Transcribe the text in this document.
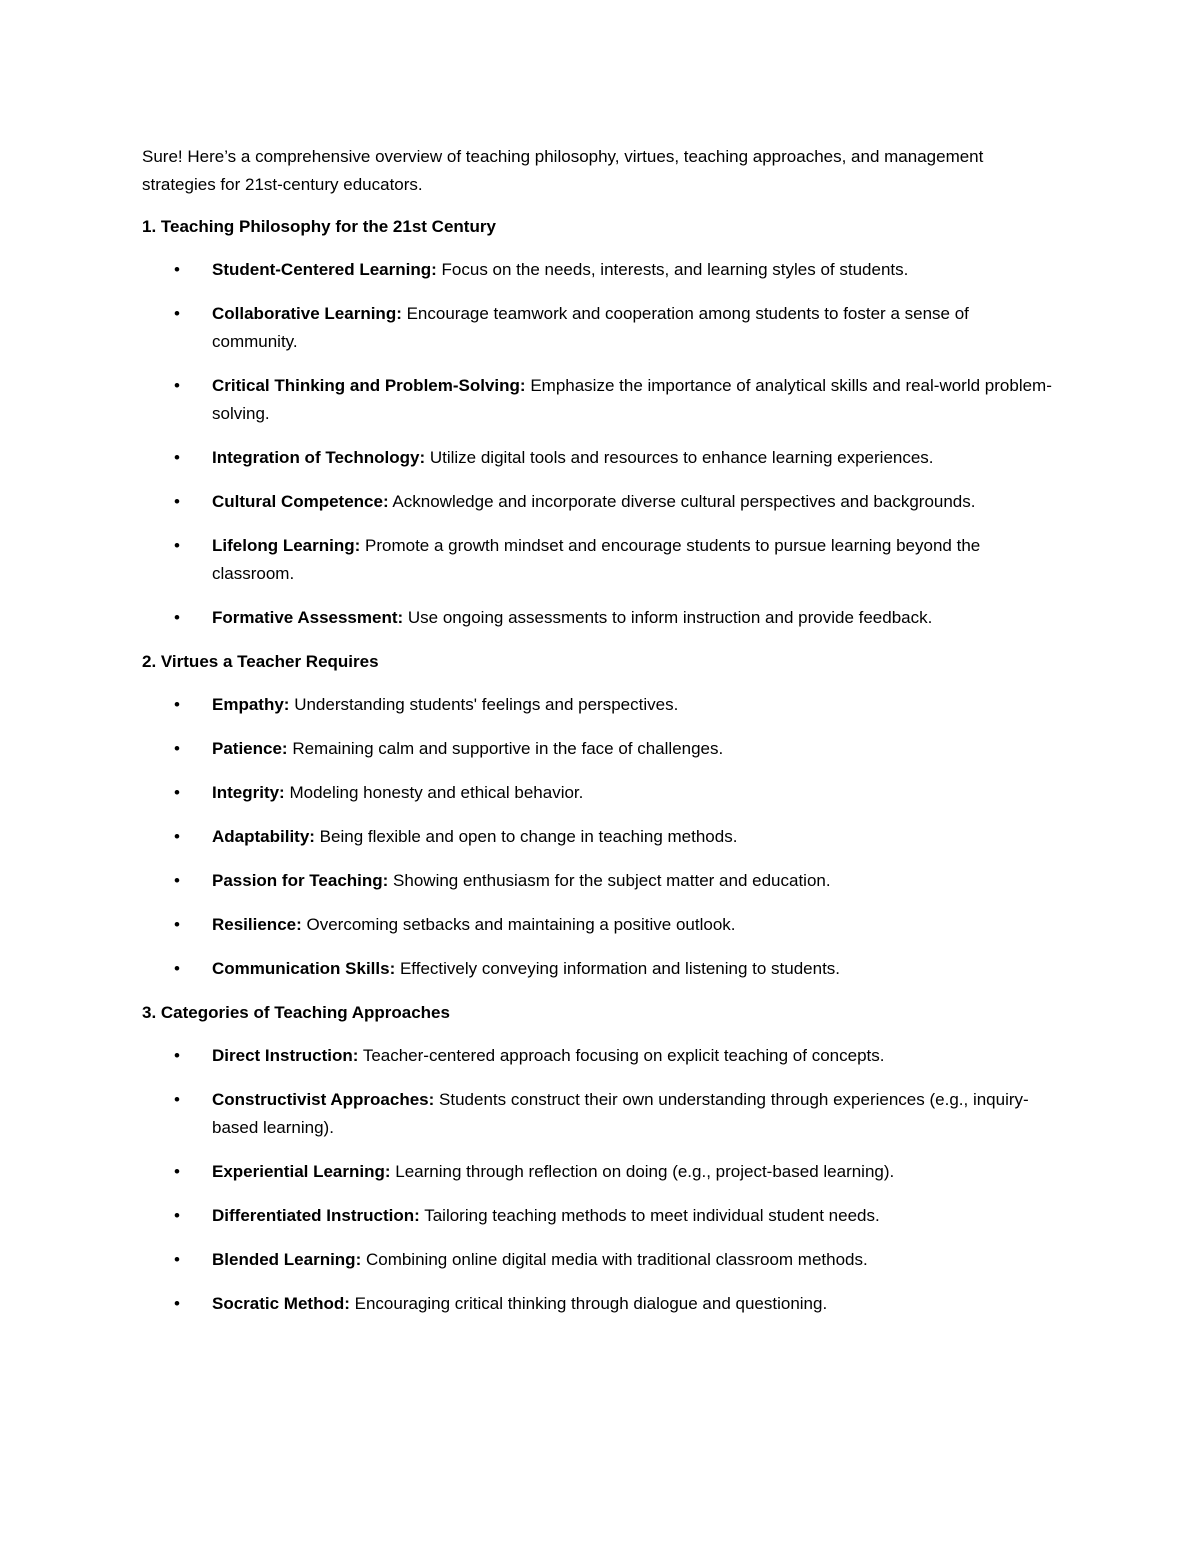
Sure! Here’s a comprehensive overview of teaching philosophy, virtues, teaching approaches, and management strategies for 21st-century educators.

1. Teaching Philosophy for the 21st Century

• Student-Centered Learning: Focus on the needs, interests, and learning styles of students.
• Collaborative Learning: Encourage teamwork and cooperation among students to foster a sense of community.
• Critical Thinking and Problem-Solving: Emphasize the importance of analytical skills and real-world problem-solving.
• Integration of Technology: Utilize digital tools and resources to enhance learning experiences.
• Cultural Competence: Acknowledge and incorporate diverse cultural perspectives and backgrounds.
• Lifelong Learning: Promote a growth mindset and encourage students to pursue learning beyond the classroom.
• Formative Assessment: Use ongoing assessments to inform instruction and provide feedback.

2. Virtues a Teacher Requires

• Empathy: Understanding students' feelings and perspectives.
• Patience: Remaining calm and supportive in the face of challenges.
• Integrity: Modeling honesty and ethical behavior.
• Adaptability: Being flexible and open to change in teaching methods.
• Passion for Teaching: Showing enthusiasm for the subject matter and education.
• Resilience: Overcoming setbacks and maintaining a positive outlook.
• Communication Skills: Effectively conveying information and listening to students.

3. Categories of Teaching Approaches

• Direct Instruction: Teacher-centered approach focusing on explicit teaching of concepts.
• Constructivist Approaches: Students construct their own understanding through experiences (e.g., inquiry-based learning).
• Experiential Learning: Learning through reflection on doing (e.g., project-based learning).
• Differentiated Instruction: Tailoring teaching methods to meet individual student needs.
• Blended Learning: Combining online digital media with traditional classroom methods.
• Socratic Method: Encouraging critical thinking through dialogue and questioning.
